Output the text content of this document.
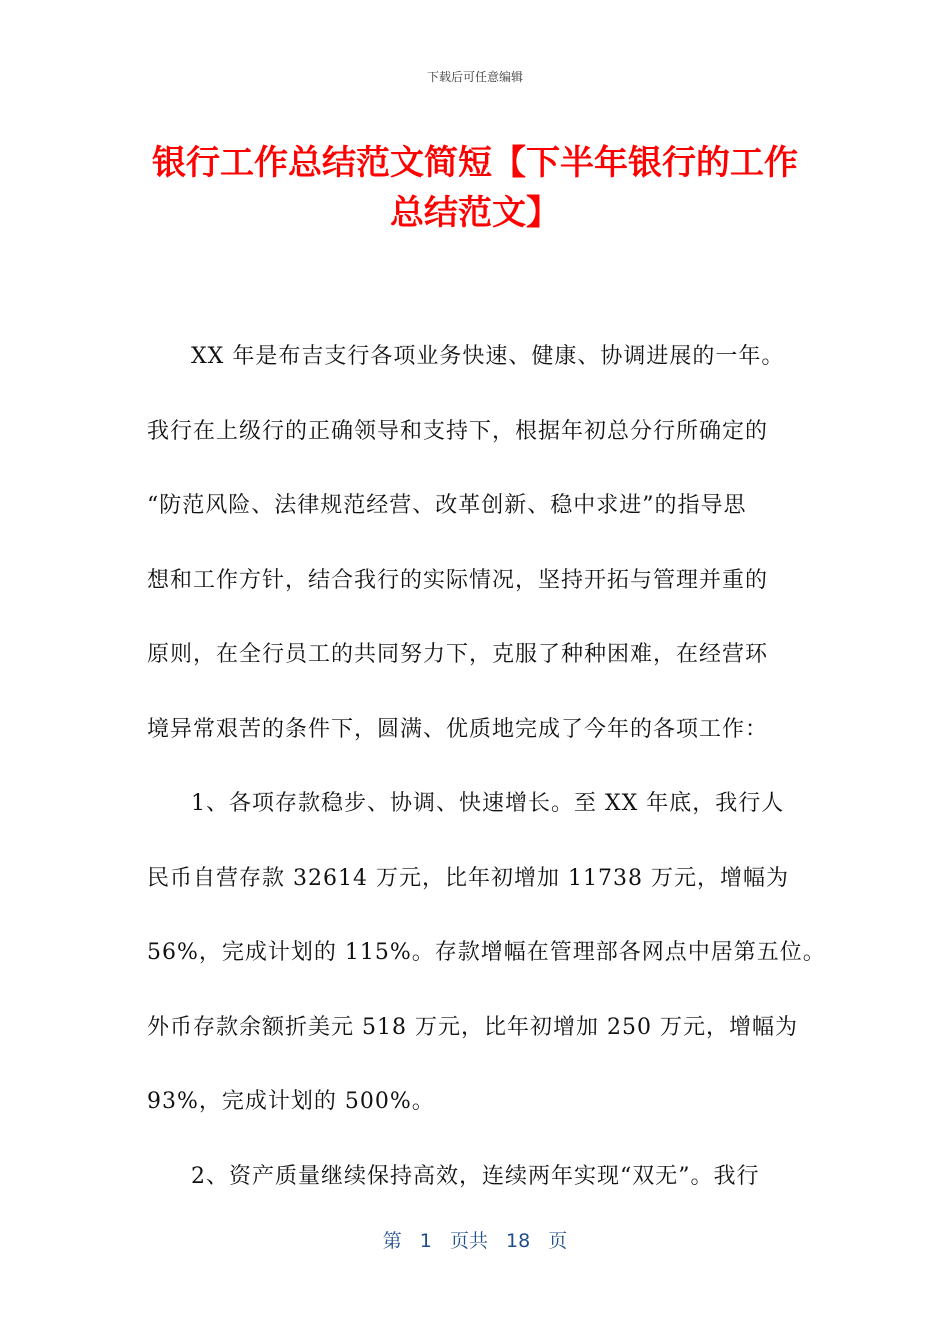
下载后可任意编辑
银行工作总结范文简短【下半年银行的工作
总结范文】
XX 年是布吉支行各项业务快速、健康、协调进展的一年。
我行在上级行的正确领导和支持下，根据年初总分行所确定的
“防范风险、法律规范经营、改革创新、稳中求进”的指导思
想和工作方针，结合我行的实际情况，坚持开拓与管理并重的
原则，在全行员工的共同努力下，克服了种种困难，在经营环
境异常艰苦的条件下，圆满、优质地完成了今年的各项工作：
1、各项存款稳步、协调、快速增长。至 XX 年底，我行人
民币自营存款 32614 万元，比年初增加 11738 万元，增幅为
56%，完成计划的 115%。存款增幅在管理部各网点中居第五位。
外币存款余额折美元 518 万元，比年初增加 250 万元，增幅为
93%，完成计划的 500%。
2、资产质量继续保持高效，连续两年实现“双无”。我行
第 1 页共 18 页
